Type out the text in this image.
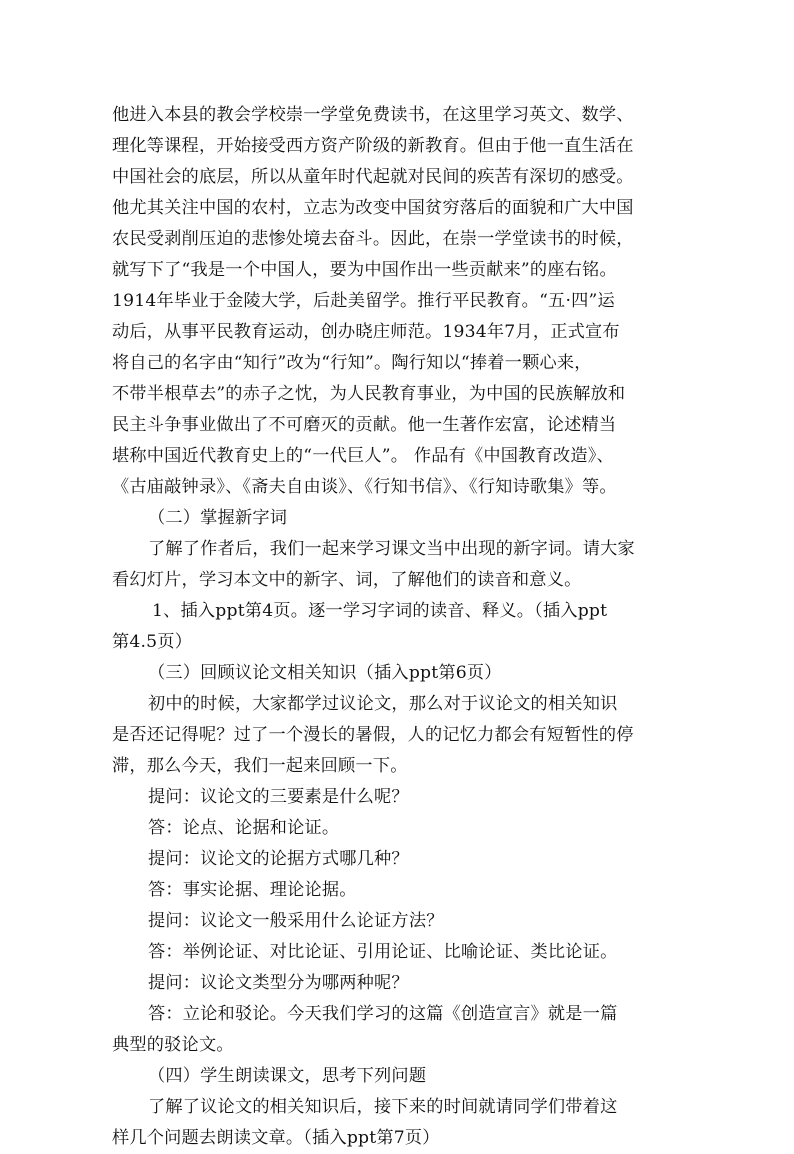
他进入本县的教会学校崇一学堂免费读书，在这里学习英文、数学、
理化等课程，开始接受西方资产阶级的新教育。但由于他一直生活在
中国社会的底层，所以从童年时代起就对民间的疾苦有深切的感受。
他尤其关注中国的农村，立志为改变中国贫穷落后的面貌和广大中国
农民受剥削压迫的悲惨处境去奋斗。因此，在崇一学堂读书的时候，
就写下了“我是一个中国人，要为中国作出一些贡献来”的座右铭。
1914年毕业于金陵大学，后赴美留学。推行平民教育。“五·四”运
动后，从事平民教育运动，创办晓庄师范。1934年7月，正式宣布
将自己的名字由“知行”改为“行知”。陶行知以“捧着一颗心来，
不带半根草去”的赤子之忱，为人民教育事业，为中国的民族解放和
民主斗争事业做出了不可磨灭的贡献。他一生著作宏富，论述精当
堪称中国近代教育史上的“一代巨人”。 作品有《中国教育改造》、
《古庙敲钟录》、《斋夫自由谈》、《行知书信》、《行知诗歌集》等。
（二）掌握新字词
了解了作者后，我们一起来学习课文当中出现的新字词。请大家
看幻灯片，学习本文中的新字、词，了解他们的读音和意义。
1、插入ppt第4页。逐一学习字词的读音、释义。（插入ppt
第4.5页）
（三）回顾议论文相关知识（插入ppt第6页）
初中的时候，大家都学过议论文，那么对于议论文的相关知识
是否还记得呢？过了一个漫长的暑假，人的记忆力都会有短暂性的停
滞，那么今天，我们一起来回顾一下。
提问：议论文的三要素是什么呢？
答：论点、论据和论证。
提问：议论文的论据方式哪几种？
答：事实论据、理论论据。
提问：议论文一般采用什么论证方法？
答：举例论证、对比论证、引用论证、比喻论证、类比论证。
提问：议论文类型分为哪两种呢？
答：立论和驳论。今天我们学习的这篇《创造宣言》就是一篇
典型的驳论文。
（四）学生朗读课文，思考下列问题
了解了议论文的相关知识后，接下来的时间就请同学们带着这
样几个问题去朗读文章。（插入ppt第7页）
